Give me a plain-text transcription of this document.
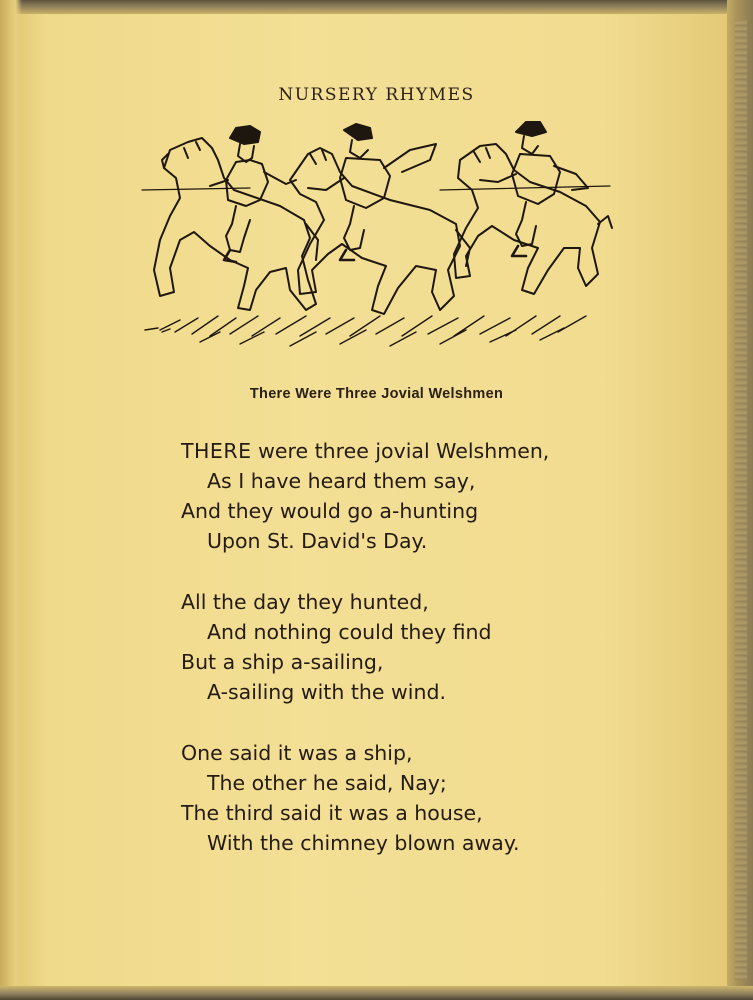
NURSERY RHYMES
There Were Three Jovial Welshmen
THERE were three jovial Welshmen,
As I have heard them say,
And they would go a-hunting
Upon St. David's Day.
All the day they hunted,
And nothing could they find
But a ship a-sailing,
A-sailing with the wind.
One said it was a ship,
The other he said, Nay;
The third said it was a house,
With the chimney blown away.
